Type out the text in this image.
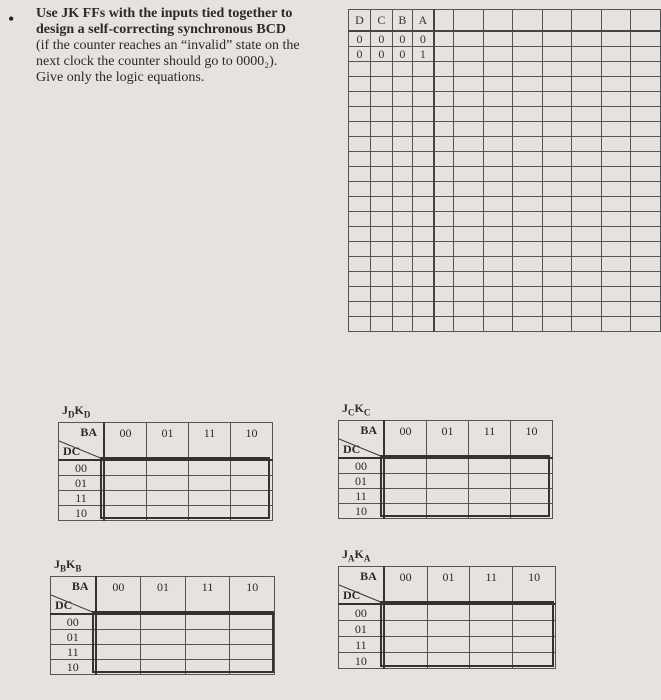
• Use JK FFs with the inputs tied together to
design a self-correcting synchronous BCD
(if the counter reaches an “invalid” state on the
next clock the counter should go to 0000₂).
Give only the logic equations.
D	C	B	A								
0	0	0	0								
0	0	0	1								

$J_DK_D$
BA
DC	00	01	11	10
00				
01				
11				
10				
$J_CK_C$
BA
DC	00	01	11	10
00				
01				
11				
10				
$J_BK_B$
BA
DC	00	01	11	10
00				
01				
11				
10				
$J_AK_A$
BA
DC	00	01	11	10
00				
01				
11				
10				
